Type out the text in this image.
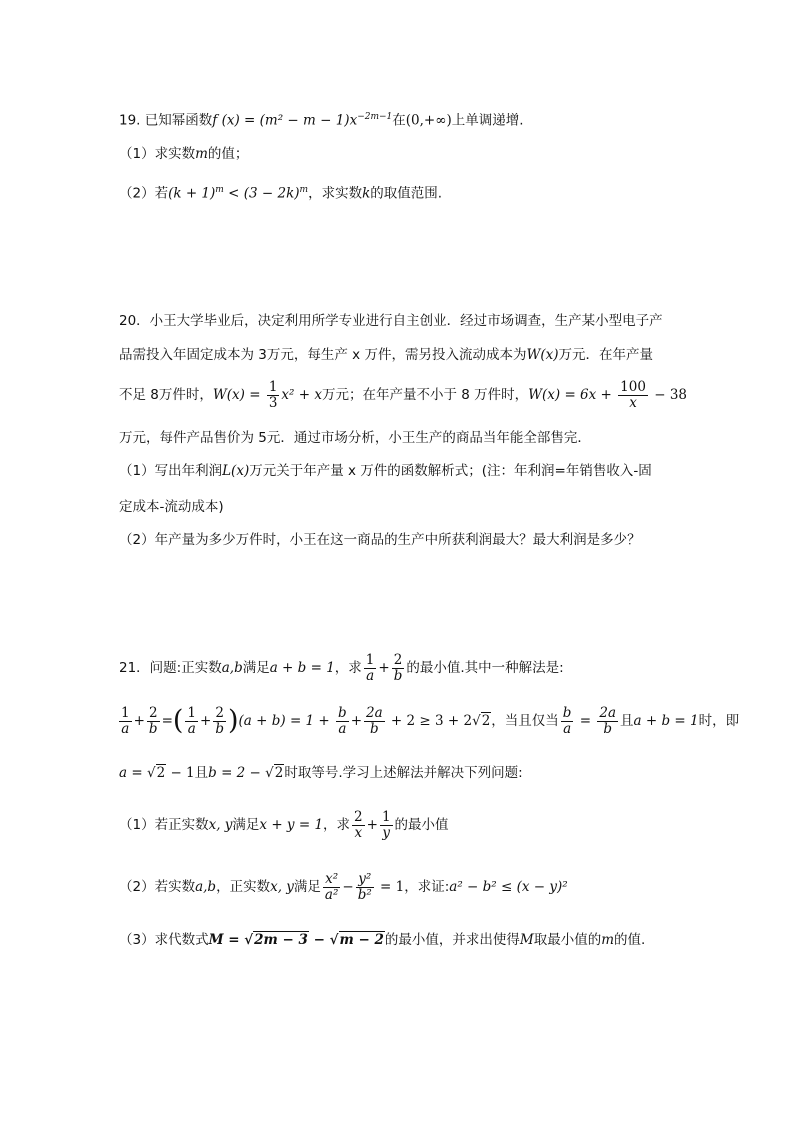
19. 已知幂函数f $(x) = (m^2 - m - 1)x^{-2m-1}$在(0,+∞)上单调递增.
（1）求实数m的值；
（2）若$(k + 1)^m < (3 - 2k)^m$，求实数k的取值范围.
20．小王大学毕业后，决定利用所学专业进行自主创业．经过市场调查，生产某小型电子产
品需投入年固定成本为 3万元，每生产 x 万件，需另投入流动成本为W(x)万元．在年产量
不足 8万件时，$W(x) = \frac{1}{3} x^2 + x$万元；在年产量不小于 8 万件时，$W(x) = 6x + \frac{100}{x} - 38$
万元，每件产品售价为 5元．通过市场分析，小王生产的商品当年能全部售完．
（1）写出年利润L(x)万元关于年产量 x 万件的函数解析式；(注：年利润=年销售收入-固
定成本-流动成本)
（2）年产量为多少万件时，小王在这一商品的生产中所获利润最大？最大利润是多少？
21．问题:正实数a,b满足a + b = 1，求 $\frac{1}{a} + \frac{2}{b}$ 的最小值.其中一种解法是:
$\frac{1}{a} + \frac{2}{b}$ =( $\frac{1}{a} + \frac{2}{b} )(a + b) = 1 + \frac{b}{a} + \frac{2a}{b} + 2 \ge 3 + 2√2$，当且仅当 $\frac{b}{a} = \frac{2a}{b}$ 且a + b = 1时，即
a = √2 − 1且b = 2 − √2时取等号.学习上述解法并解决下列问题:
（1）若正实数x, y满足x + y = 1，求 $\frac{2}{x} + \frac{1}{y}$ 的最小值
（2）若实数a,b，正实数x, y满足 $\frac{\text{x²}}{\text{a²}} - \frac{\text{y²}}{\text{b²}} = 1$，求证:a² − b² ≤ (x − y)²
（3）求代数式M = √2m − 3 − √m − 2的最小值，并求出使得M取最小值的m的值.
